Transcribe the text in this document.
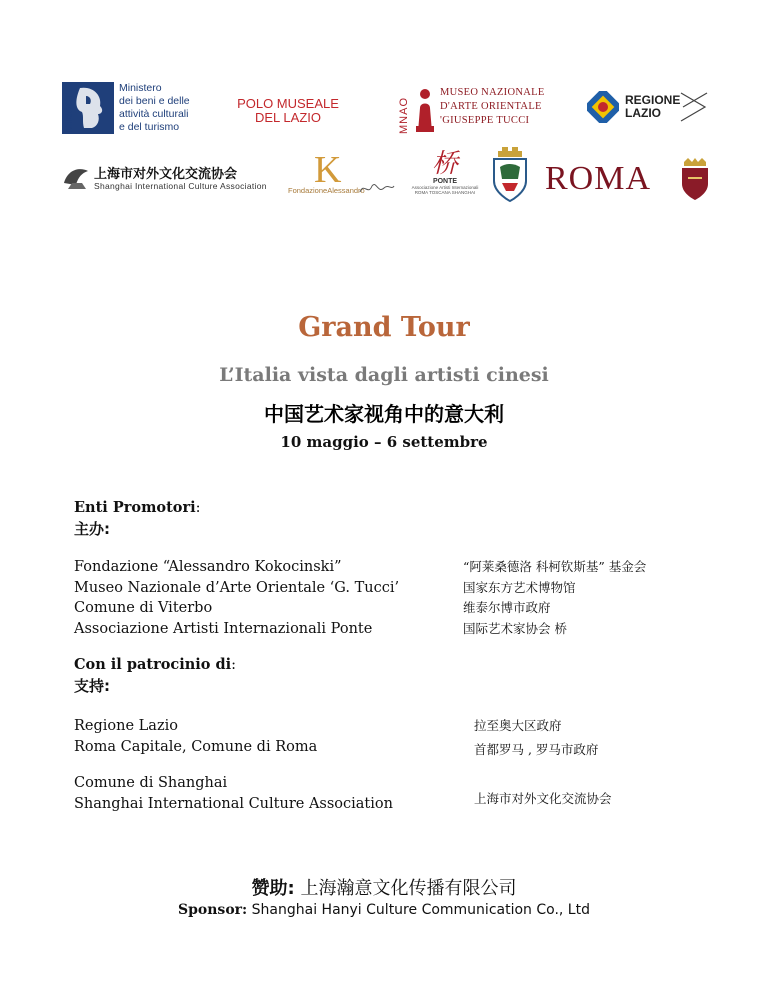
MiBACT
Ministero
dei beni e delle
attività culturali
e del turismo
POLO MUSEALE
DEL LAZIO	MNAO
MUSEO NAZIONALE
D'ARTE ORIENTALE
'GIUSEPPE TUCCI
REGIONE
LAZIO
上海市对外文化交流协会
Shanghai International Culture Association K
FondazioneAlessandro
桥
PONTE
Associazione Artisti Internazionali
ROMA TOSCANA SHANGHAI ROMA
Grand Tour
L’Italia vista dagli artisti cinesi
中国艺术家视角中的意大利
10 maggio – 6 settembre
Enti Promotori:
主办:
Fondazione “Alessandro Kokocinski”
Museo Nazionale d’Arte Orientale ‘G. Tucci’
Comune di Viterbo
Associazione Artisti Internazionali Ponte
“阿莱桑德洛 科柯钦斯基” 基金会
国家东方艺术博物馆
维泰尔博市政府
国际艺术家协会 桥
Con il patrocinio di:
支持:
Regione Lazio
Roma Capitale, Comune di Roma
拉至奥大区政府
首都罗马 , 罗马市政府
Comune di Shanghai
Shanghai International Culture Association	上海市对外文化交流协会
赞助: 上海瀚意文化传播有限公司
Sponsor: Shanghai Hanyi Culture Communication Co., Ltd
